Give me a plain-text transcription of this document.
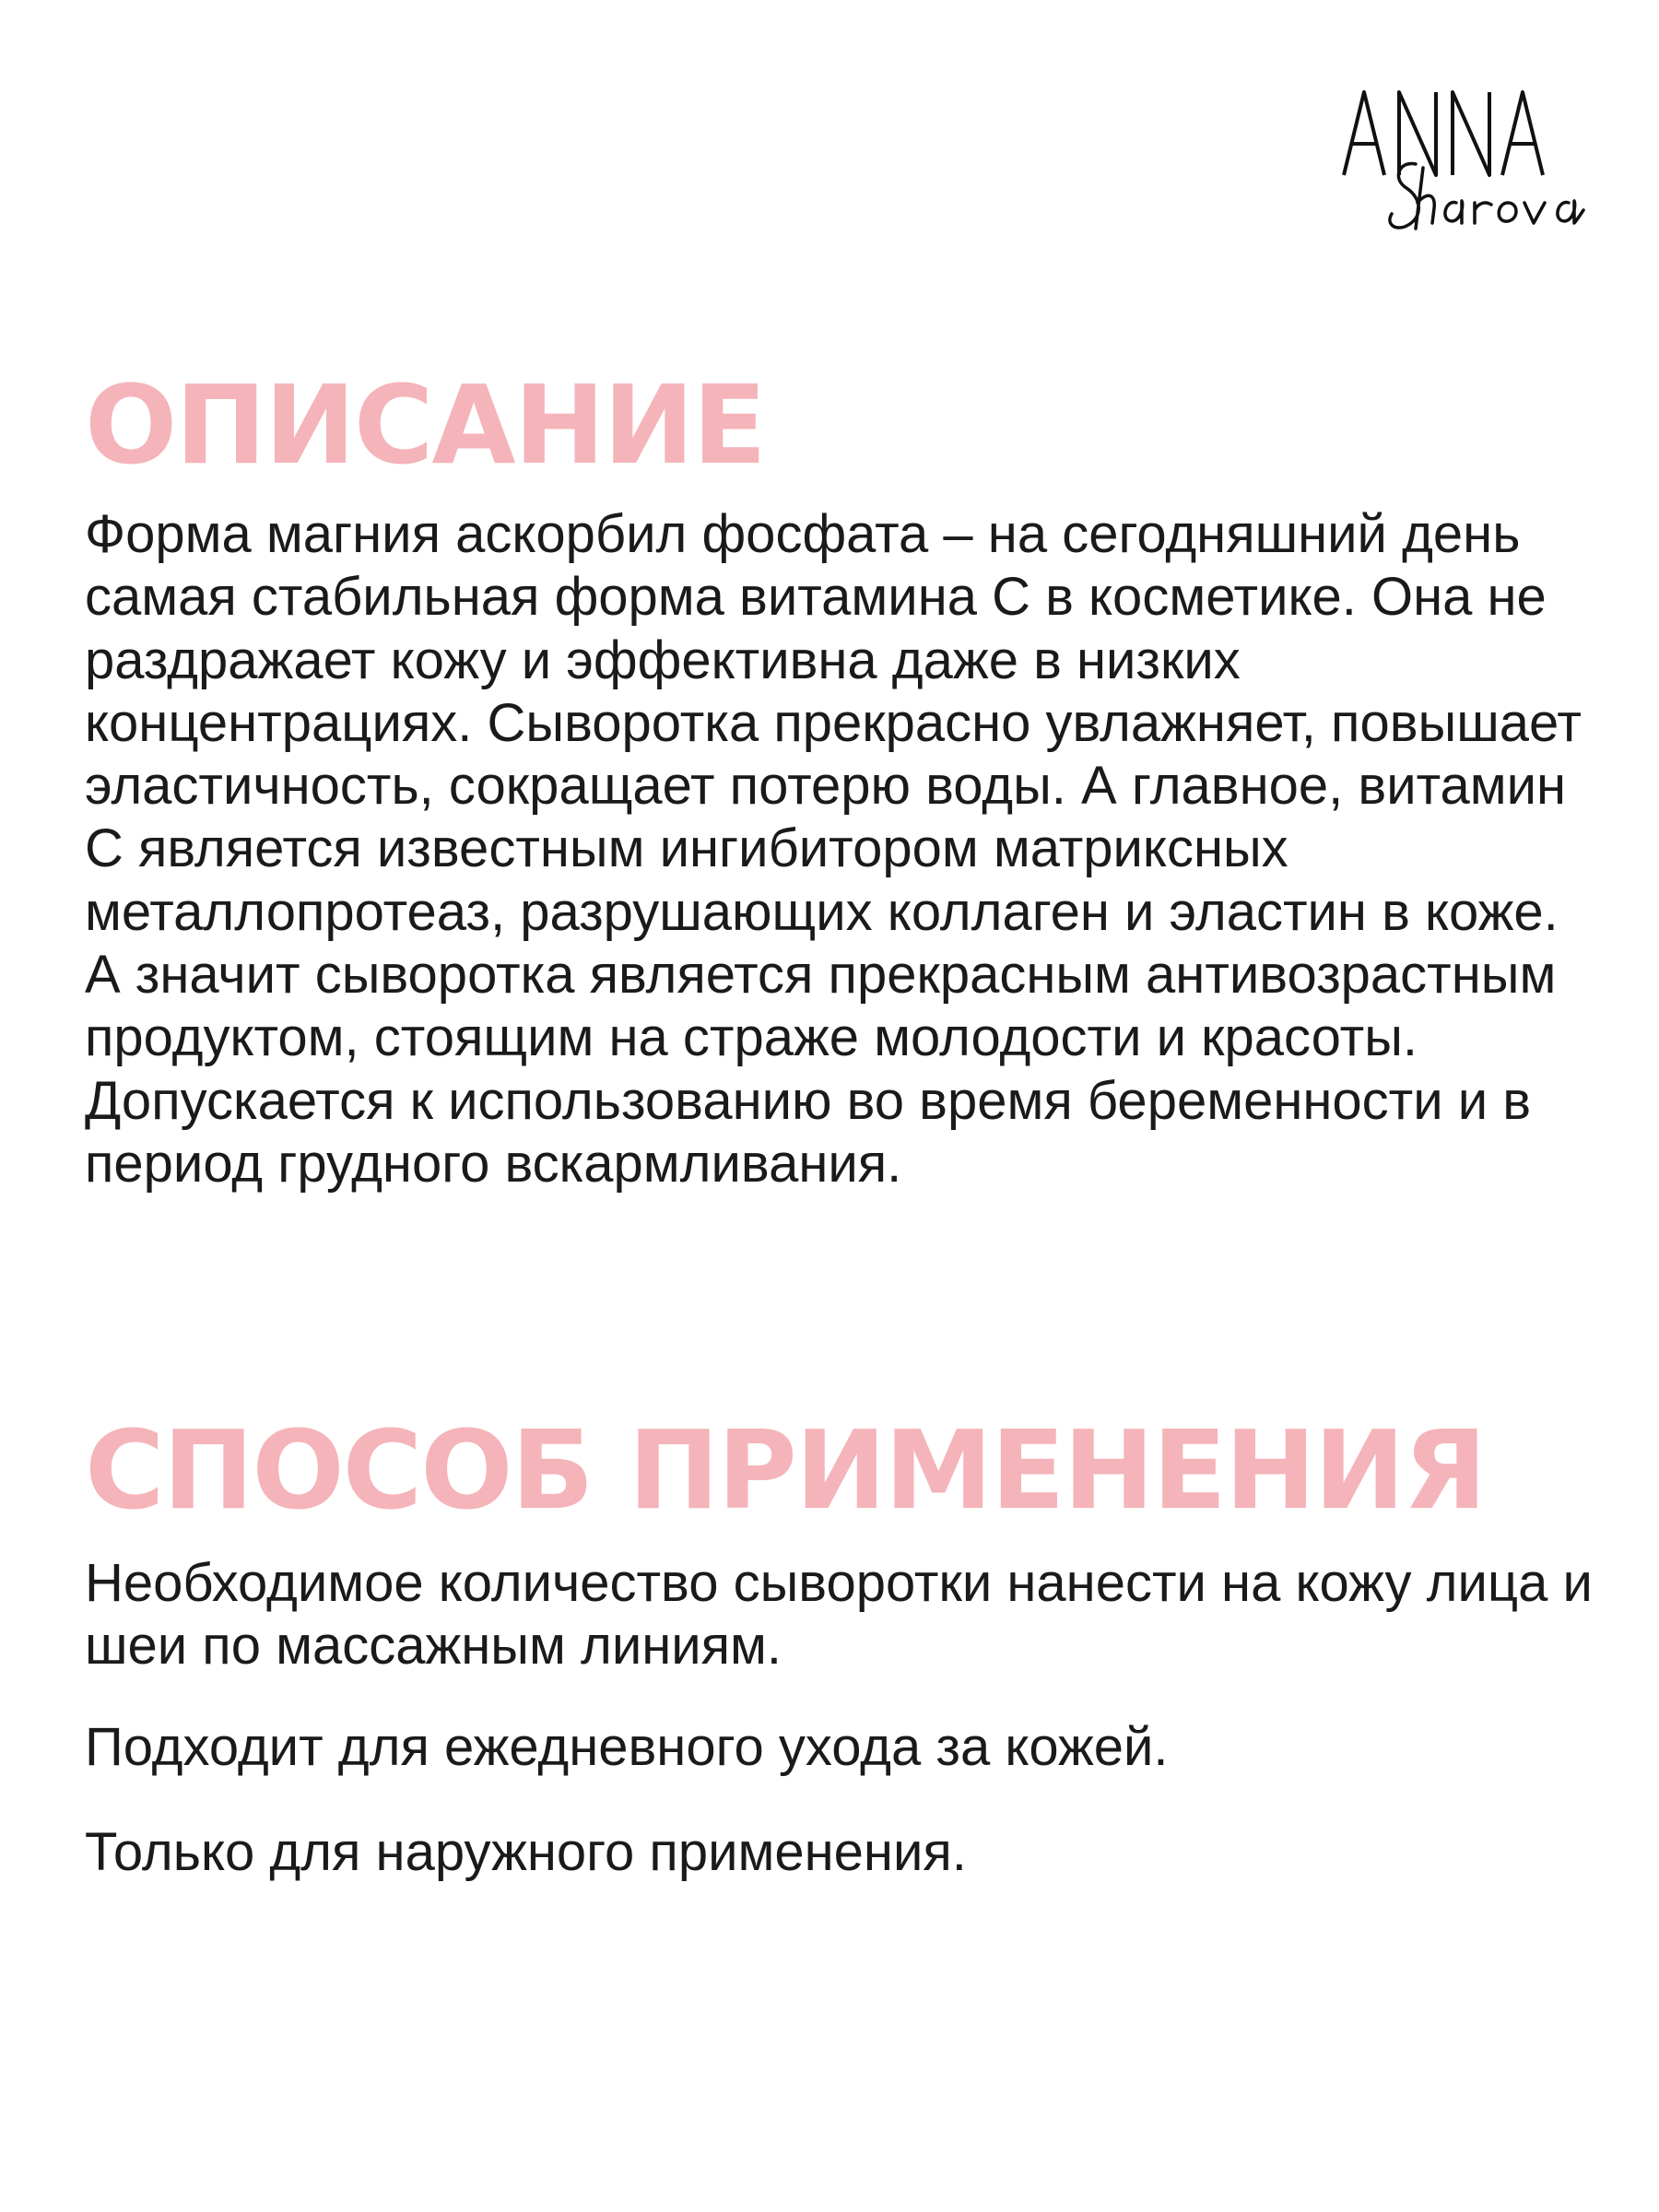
ОПИСАНИЕ

Форма магния аскорбил фосфата – на сегодняшний день самая стабильная форма витамина С в косметике. Она не раздражает кожу и эффективна даже в низких концентрациях. Сыворотка прекрасно увлажняет, повышает эластичность, сокращает потерю воды. А главное, витамин С является известным ингибитором матриксных металлопротеаз, разрушающих коллаген и эластин в коже. А значит сыворотка является прекрасным антивозрастным продуктом, стоящим на страже молодости и красоты. Допускается к использованию во время беременности и в период грудного вскармливания.

СПОСОБ ПРИМЕНЕНИЯ

Необходимое количество сыворотки нанести на кожу лица и шеи по массажным линиям.

Подходит для ежедневного ухода за кожей.

Только для наружного применения.
